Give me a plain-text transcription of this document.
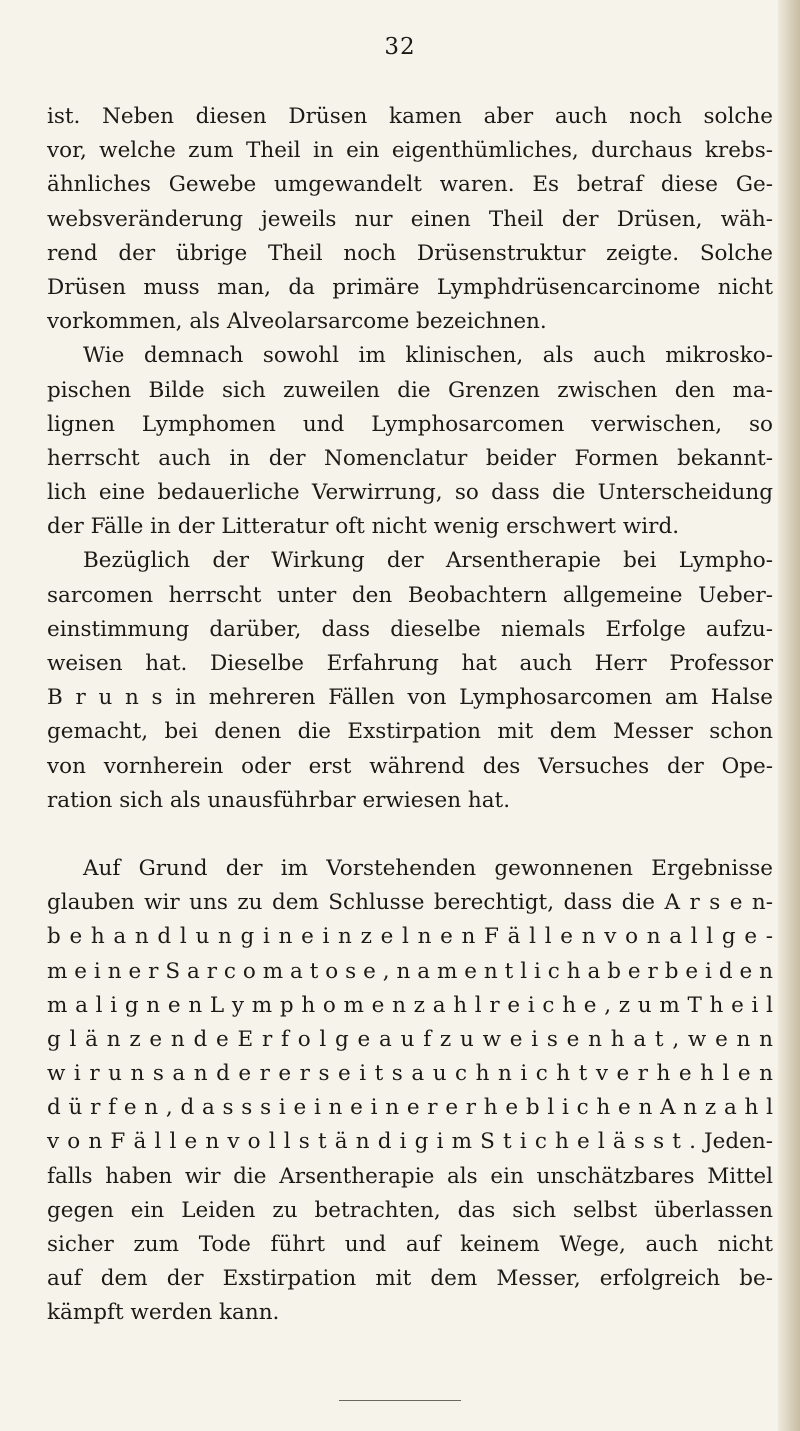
32
ist. Neben diesen Drüsen kamen aber auch noch solche
vor, welche zum Theil in ein eigenthümliches, durchaus krebs-
ähnliches Gewebe umgewandelt waren. Es betraf diese Ge-
websveränderung jeweils nur einen Theil der Drüsen, wäh-
rend der übrige Theil noch Drüsenstruktur zeigte. Solche
Drüsen muss man, da primäre Lymphdrüsencarcinome nicht
vorkommen, als Alveolarsarcome bezeichnen.
Wie demnach sowohl im klinischen, als auch mikrosko-
pischen Bilde sich zuweilen die Grenzen zwischen den ma-
lignen Lymphomen und Lymphosarcomen verwischen, so
herrscht auch in der Nomenclatur beider Formen bekannt-
lich eine bedauerliche Verwirrung, so dass die Unterscheidung
der Fälle in der Litteratur oft nicht wenig erschwert wird.
Bezüglich der Wirkung der Arsentherapie bei Lympho-
sarcomen herrscht unter den Beobachtern allgemeine Ueber-
einstimmung darüber, dass dieselbe niemals Erfolge aufzu-
weisen hat. Dieselbe Erfahrung hat auch Herr Professor
B r u n s in mehreren Fällen von Lymphosarcomen am Halse
gemacht, bei denen die Exstirpation mit dem Messer schon
von vornherein oder erst während des Versuches der Ope-
ration sich als unausführbar erwiesen hat.
Auf Grund der im Vorstehenden gewonnenen Ergebnisse
glauben wir uns zu dem Schlusse berechtigt, dass die A r s e n-
b e h a n d l u n g i n e i n z e l n e n F ä l l e n v o n a l l g e -
m e i n e r S a r c o m a t o s e , n a m e n t l i c h a b e r b e i d e n
m a l i g n e n L y m p h o m e n z a h l r e i c h e , z u m T h e i l
g l ä n z e n d e E r f o l g e a u f z u w e i s e n h a t , w e n n
w i r u n s a n d e r e r s e i t s a u c h n i c h t v e r h e h l e n
d ü r f e n , d a s s s i e i n e i n e r e r h e b l i c h e n A n z a h l
v o n F ä l l e n v o l l s t ä n d i g i m S t i c h e l ä s s t . Jeden-
falls haben wir die Arsentherapie als ein unschätzbares Mittel
gegen ein Leiden zu betrachten, das sich selbst überlassen
sicher zum Tode führt und auf keinem Wege, auch nicht
auf dem der Exstirpation mit dem Messer, erfolgreich be-
kämpft werden kann.
